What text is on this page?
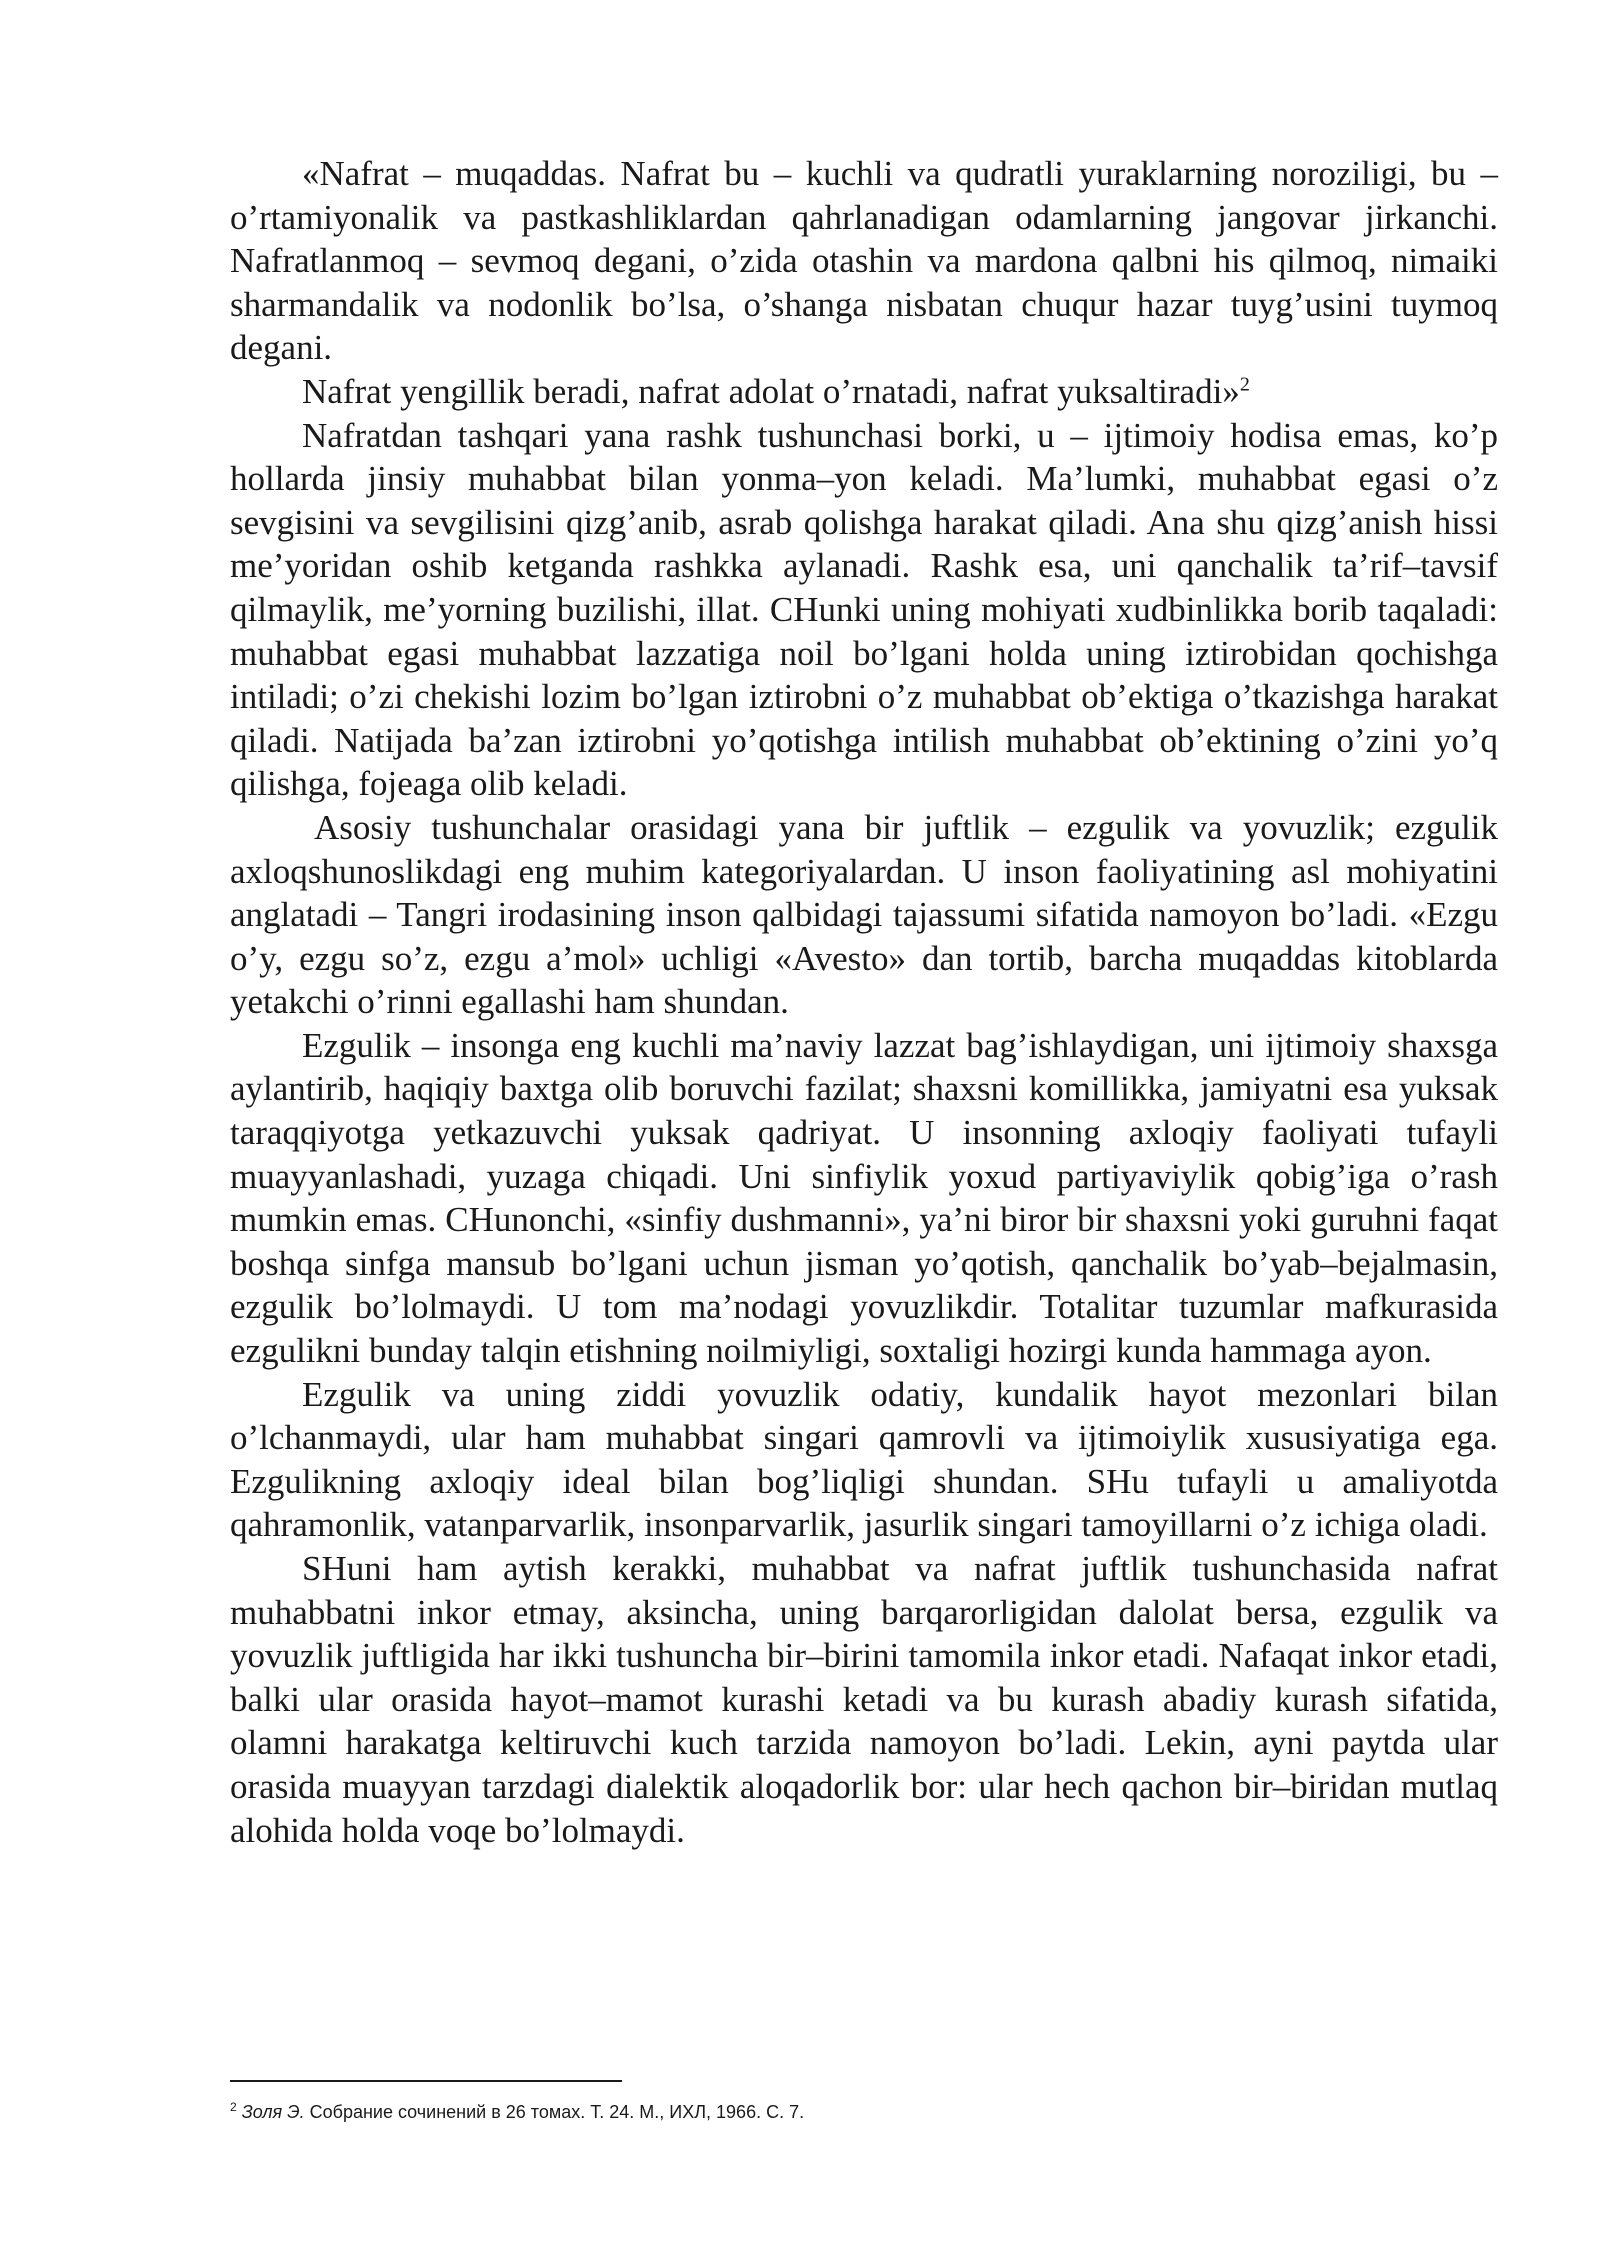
«Nafrat – muqaddas. Nafrat bu – kuchli va qudratli yuraklarning noroziligi, bu – o’rtamiyonalik va pastkashliklardan qahrlanadigan odamlarning jangovar jirkanchi. Nafratlanmoq – sevmoq degani, o’zida otashin va mardona qalbni his qilmoq, nimaiki sharmandalik va nodonlik bo’lsa, o’shanga nisbatan chuqur hazar tuyg’usini tuymoq degani.

Nafrat yengillik beradi, nafrat adolat o’rnatadi, nafrat yuksaltiradi»$^2$

Nafratdan tashqari yana rashk tushunchasi borki, u – ijtimoiy hodisa emas, ko’p hollarda jinsiy muhabbat bilan yonma–yon keladi. Ma’lumki, muhabbat egasi o’z sevgisini va sevgilisini qizg’anib, asrab qolishga harakat qiladi. Ana shu qizg’anish hissi me’yoridan oshib ketganda rashkka aylanadi. Rashk esa, uni qanchalik ta’rif–tavsif qilmaylik, me’yorning buzilishi, illat. CHunki uning mohiyati xudbinlikka borib taqaladi: muhabbat egasi muhabbat lazzatiga noil bo’lgani holda uning iztirobidan qochishga intiladi; o’zi chekishi lozim bo’lgan iztirobni o’z muhabbat ob’ektiga o’tkazishga harakat qiladi. Natijada ba’zan iztirobni yo’qotishga intilish muhabbat ob’ektining o’zini yo’q qilishga, fojeaga olib keladi.

Asosiy tushunchalar orasidagi yana bir juftlik – ezgulik va yovuzlik; ezgulik axloqshunoslikdagi eng muhim kategoriyalardan. U inson faoliyatining asl mohiyatini anglatadi – Tangri irodasining inson qalbidagi tajassumi sifatida namoyon bo’ladi. «Ezgu o’y, ezgu so’z, ezgu a’mol» uchligi «Avesto» dan tortib, barcha muqaddas kitoblarda yetakchi o’rinni egallashi ham shundan.

Ezgulik – insonga eng kuchli ma’naviy lazzat bag’ishlaydigan, uni ijtimoiy shaxsga aylantirib, haqiqiy baxtga olib boruvchi fazilat; shaxsni komillikka, jamiyatni esa yuksak taraqqiyotga yetkazuvchi yuksak qadriyat. U insonning axloqiy faoliyati tufayli muayyanlashadi, yuzaga chiqadi. Uni sinfiylik yoxud partiyaviylik qobig’iga o’rash mumkin emas. CHunonchi, «sinfiy dushmanni», ya’ni biror bir shaxsni yoki guruhni faqat boshqa sinfga mansub bo’lgani uchun jisman yo’qotish, qanchalik bo’yab–bejalmasin, ezgulik bo’lolmaydi. U tom ma’nodagi yovuzlikdir. Totalitar tuzumlar mafkurasida ezgulikni bunday talqin etishning noilmiyligi, soxtaligi hozirgi kunda hammaga ayon.

Ezgulik va uning ziddi yovuzlik odatiy, kundalik hayot mezonlari bilan o’lchanmaydi, ular ham muhabbat singari qamrovli va ijtimoiylik xususiyatiga ega. Ezgulikning axloqiy ideal bilan bog’liqligi shundan. SHu tufayli u amaliyotda qahramonlik, vatanparvarlik, insonparvarlik, jasurlik singari tamoyillarni o’z ichiga oladi.

SHuni ham aytish kerakki, muhabbat va nafrat juftlik tushunchasida nafrat muhabbatni inkor etmay, aksincha, uning barqarorligidan dalolat bersa, ezgulik va yovuzlik juftligida har ikki tushuncha bir–birini tamomila inkor etadi. Nafaqat inkor etadi, balki ular orasida hayot–mamot kurashi ketadi va bu kurash abadiy kurash sifatida, olamni harakatga keltiruvchi kuch tarzida namoyon bo’ladi. Lekin, ayni paytda ular orasida muayyan tarzdagi dialektik aloqadorlik bor: ular hech qachon bir–biridan mutlaq alohida holda voqe bo’lolmaydi.

$^2$ Золя Э. Собрание сочинений в 26 томах. Т. 24. М., ИХЛ, 1966. С. 7.
